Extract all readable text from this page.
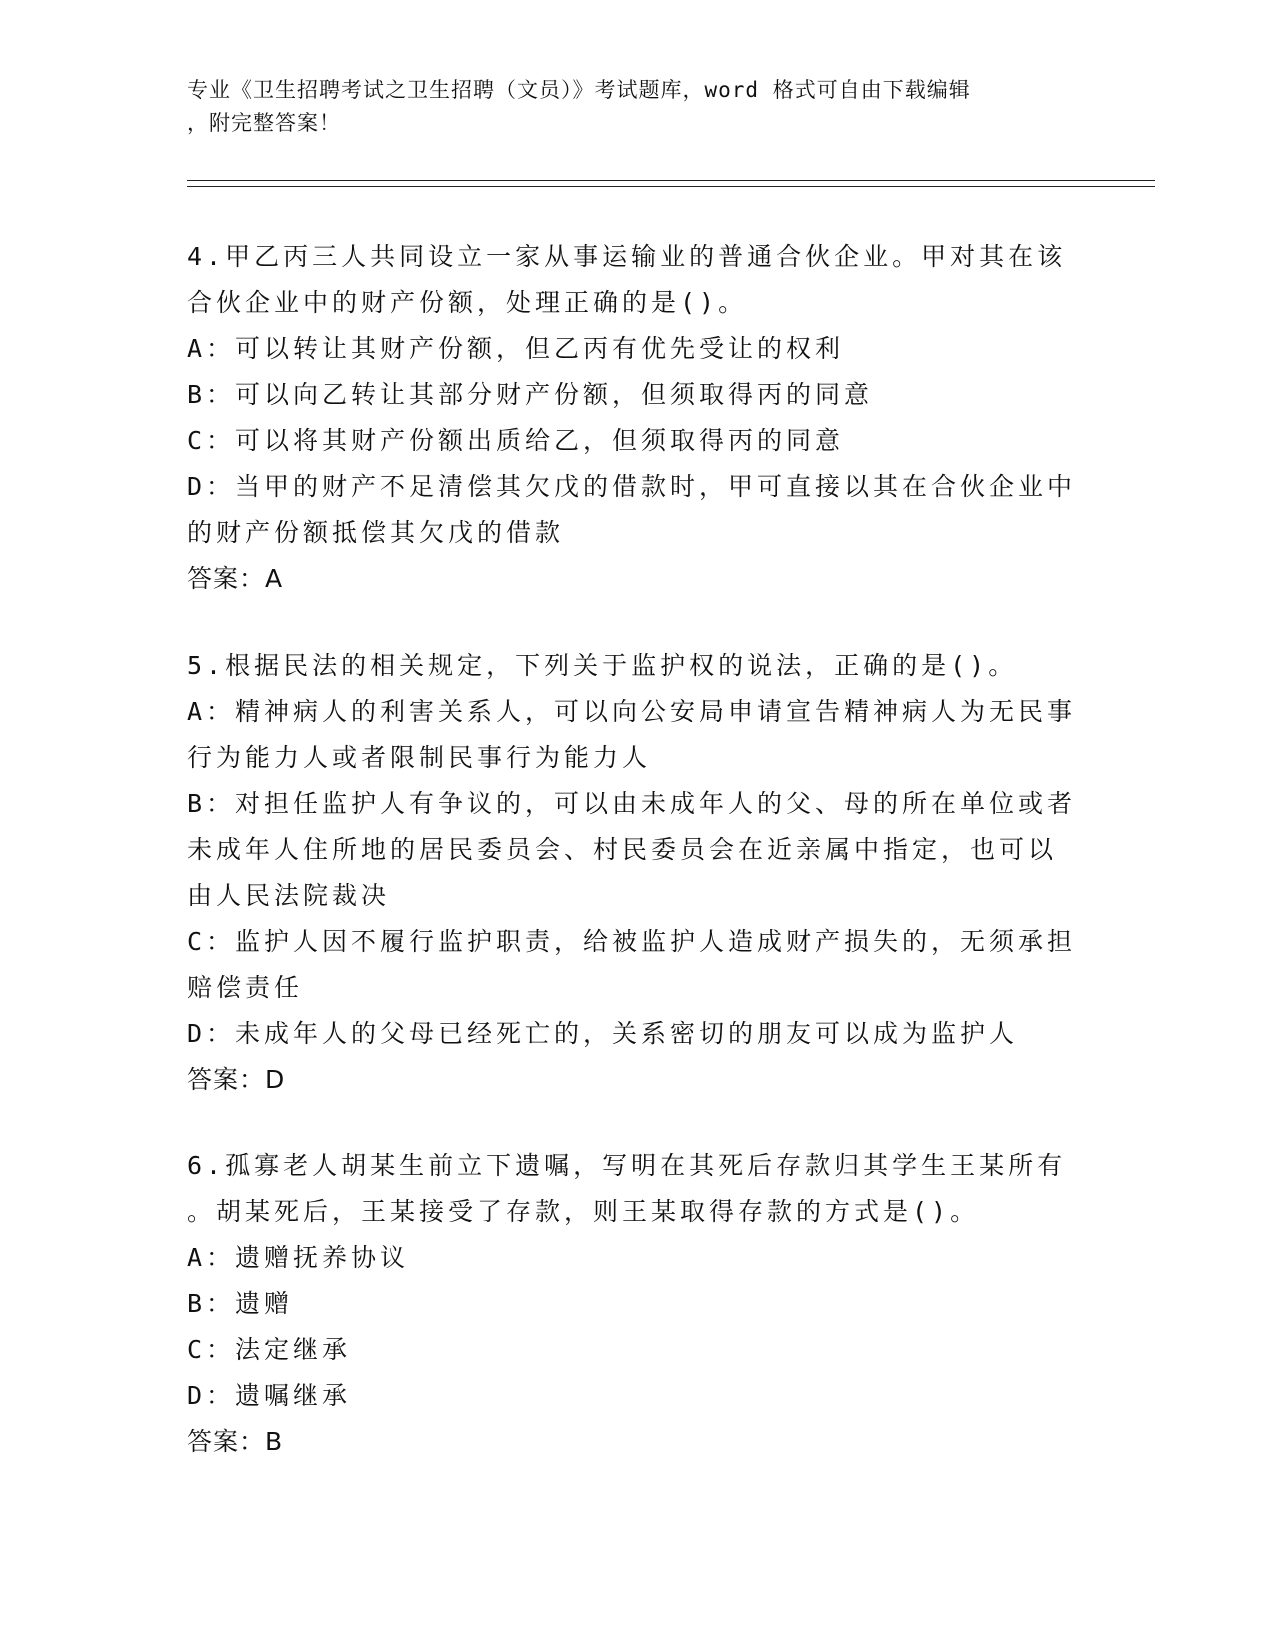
专业《卫生招聘考试之卫生招聘（文员）》考试题库，word 格式可自由下载编辑
，附完整答案！
4.甲乙丙三人共同设立一家从事运输业的普通合伙企业。甲对其在该
合伙企业中的财产份额，处理正确的是()。
A：可以转让其财产份额，但乙丙有优先受让的权利
B：可以向乙转让其部分财产份额，但须取得丙的同意
C：可以将其财产份额出质给乙，但须取得丙的同意
D：当甲的财产不足清偿其欠戊的借款时，甲可直接以其在合伙企业中
的财产份额抵偿其欠戊的借款
答案：A
5.根据民法的相关规定，下列关于监护权的说法，正确的是()。
A：精神病人的利害关系人，可以向公安局申请宣告精神病人为无民事
行为能力人或者限制民事行为能力人
B：对担任监护人有争议的，可以由未成年人的父、母的所在单位或者
未成年人住所地的居民委员会、村民委员会在近亲属中指定，也可以
由人民法院裁决
C：监护人因不履行监护职责，给被监护人造成财产损失的，无须承担
赔偿责任
D：未成年人的父母已经死亡的，关系密切的朋友可以成为监护人
答案：D
6.孤寡老人胡某生前立下遗嘱，写明在其死后存款归其学生王某所有
。胡某死后，王某接受了存款，则王某取得存款的方式是()。
A：遗赠抚养协议
B：遗赠
C：法定继承
D：遗嘱继承
答案：B
